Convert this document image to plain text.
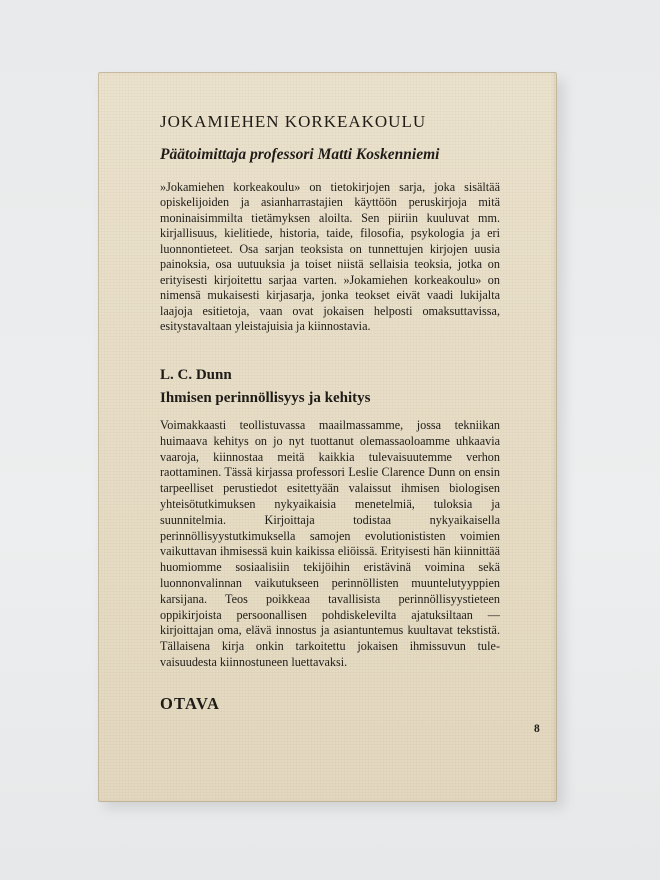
JOKAMIEHEN KORKEAKOULU
Päätoimittaja professori Matti Koskenniemi

»Jokamiehen korkeakoulu» on tietokirjojen sarja, joka sisältää opiskelijoiden ja asianharrastajien käyttöön peruskirjoja mitä moninaisimmilta tietämyksen aloilta. Sen piiriin kuuluvat mm. kirjallisuus, kielitiede, historia, taide, filosofia, psykologia ja eri luonnontieteet. Osa sarjan teoksista on tunnettujen kirjojen uusia painoksia, osa uutuuksia ja toiset niistä sellaisia teoksia, jotka on erityisesti kirjoitettu sarjaa varten. »Jokamiehen korkeakoulu» on nimensä mukaisesti kirjasarja, jonka teokset eivät vaadi lukijalta laajoja esitietoja, vaan ovat jokaisen helposti omaksuttavissa, esitystavaltaan yleistajuisia ja kiinnostavia.

L. C. Dunn
Ihmisen perinnöllisyys ja kehitys

Voimakkaasti teollistuvassa maailmassamme, jossa tekniikan huimaava kehitys on jo nyt tuottanut olemassaoloamme uhkaavia vaaroja, kiinnostaa meitä kaikkia tulevaisuutemme verhon raottaminen. Tässä kirjassa professori Leslie Clarence Dunn on ensin tarpeelliset perustiedot esitettyään valaissut ihmisen biologisen yhteisötutkimuksen nykyaikaisia menetelmiä, tuloksia ja suunnitelmia. Kirjoittaja todistaa nykyaikaisella perinnöllisyystutkimuksella samojen evolutionististen voimien vaikuttavan ihmisessä kuin kaikissa eliöissä. Erityisesti hän kiinnittää huomiomme sosiaalisiin tekijöihin eristävinä voimina sekä luonnonvalinnan vaikutukseen perinnöllisten muuntelutyyppien karsijana. Teos poikkeaa tavallisista perinnöllisyystieteen oppikirjoista persoonallisen pohdiskelevilta ajatuksiltaan — kirjoittajan oma, elävä innostus ja asiantuntemus kuultavat tekstistä. Tällaisena kirja onkin tarkoitettu jokaisen ihmissuvun tulevaisuudesta kiinnostuneen luettavaksi.

OTAVA
8
